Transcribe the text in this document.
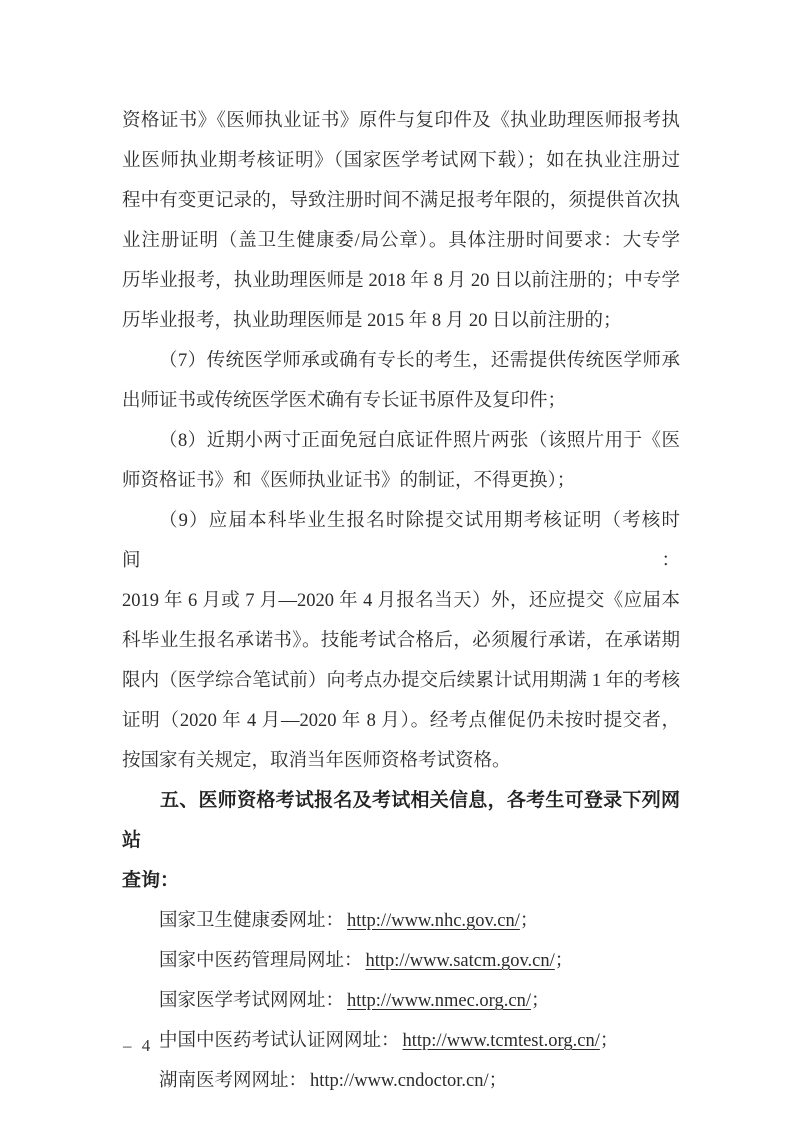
资格证书》《医师执业证书》原件与复印件及《执业助理医师报考执
业医师执业期考核证明》（国家医学考试网下载）；如在执业注册过
程中有变更记录的，导致注册时间不满足报考年限的，须提供首次执
业注册证明（盖卫生健康委/局公章）。具体注册时间要求：大专学
历毕业报考，执业助理医师是 2018 年 8 月 20 日以前注册的；中专学
历毕业报考，执业助理医师是 2015 年 8 月 20 日以前注册的；
（7）传统医学师承或确有专长的考生，还需提供传统医学师承
出师证书或传统医学医术确有专长证书原件及复印件；
（8）近期小两寸正面免冠白底证件照片两张（该照片用于《医
师资格证书》和《医师执业证书》的制证，不得更换）；
（9）应届本科毕业生报名时除提交试用期考核证明（考核时间：
2019 年 6 月或 7 月—2020 年 4 月报名当天）外，还应提交《应届本
科毕业生报名承诺书》。技能考试合格后，必须履行承诺，在承诺期
限内（医学综合笔试前）向考点办提交后续累计试用期满 1 年的考核
证明（2020 年 4 月—2020 年 8 月）。经考点催促仍未按时提交者，
按国家有关规定，取消当年医师资格考试资格。
五、医师资格考试报名及考试相关信息，各考生可登录下列网站
查询：
国家卫生健康委网址： http://www.nhc.gov.cn/；
国家中医药管理局网址： http://www.satcm.gov.cn/；
国家医学考试网网址： http://www.nmec.org.cn/；
中国中医药考试认证网网址： http://www.tcmtest.org.cn/；
湖南医考网网址： http://www.cndoctor.cn/；
– 4 –
